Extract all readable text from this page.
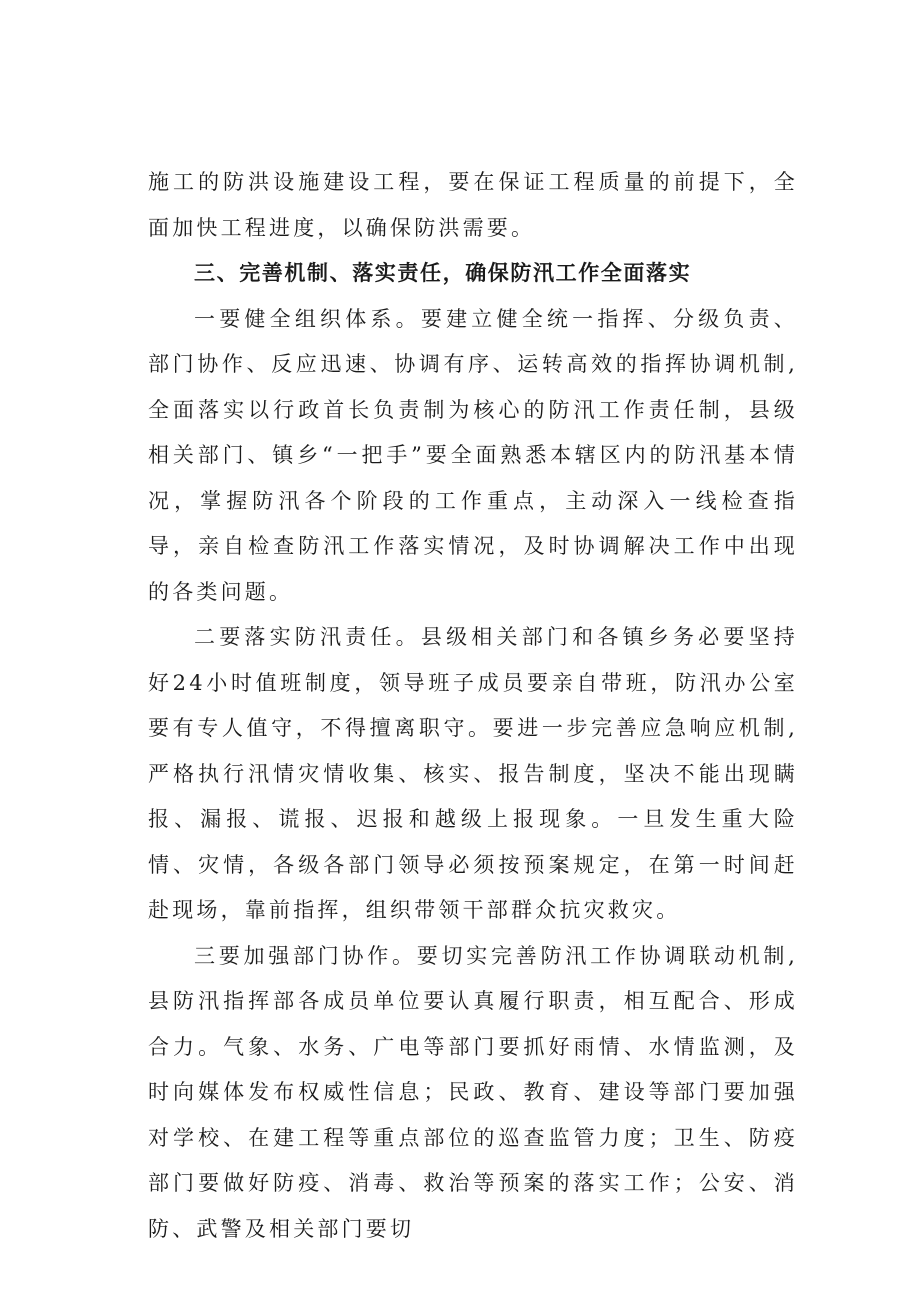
施工的防洪设施建设工程，要在保证工程质量的前提下，全面加快工程进度，以确保防洪需要。

三、完善机制、落实责任，确保防汛工作全面落实

一要健全组织体系。要建立健全统一指挥、分级负责、部门协作、反应迅速、协调有序、运转高效的指挥协调机制,全面落实以行政首长负责制为核心的防汛工作责任制，县级相关部门、镇乡“一把手”要全面熟悉本辖区内的防汛基本情况，掌握防汛各个阶段的工作重点，主动深入一线检查指导，亲自检查防汛工作落实情况，及时协调解决工作中出现的各类问题。

二要落实防汛责任。县级相关部门和各镇乡务必要坚持好24小时值班制度，领导班子成员要亲自带班，防汛办公室要有专人值守，不得擅离职守。要进一步完善应急响应机制,严格执行汛情灾情收集、核实、报告制度，坚决不能出现瞒报、漏报、谎报、迟报和越级上报现象。一旦发生重大险情、灾情，各级各部门领导必须按预案规定，在第一时间赶赴现场，靠前指挥，组织带领干部群众抗灾救灾。

三要加强部门协作。要切实完善防汛工作协调联动机制,县防汛指挥部各成员单位要认真履行职责，相互配合、形成合力。气象、水务、广电等部门要抓好雨情、水情监测，及时向媒体发布权威性信息；民政、教育、建设等部门要加强对学校、在建工程等重点部位的巡查监管力度；卫生、防疫部门要做好防疫、消毒、救治等预案的落实工作；公安、消防、武警及相关部门要切
